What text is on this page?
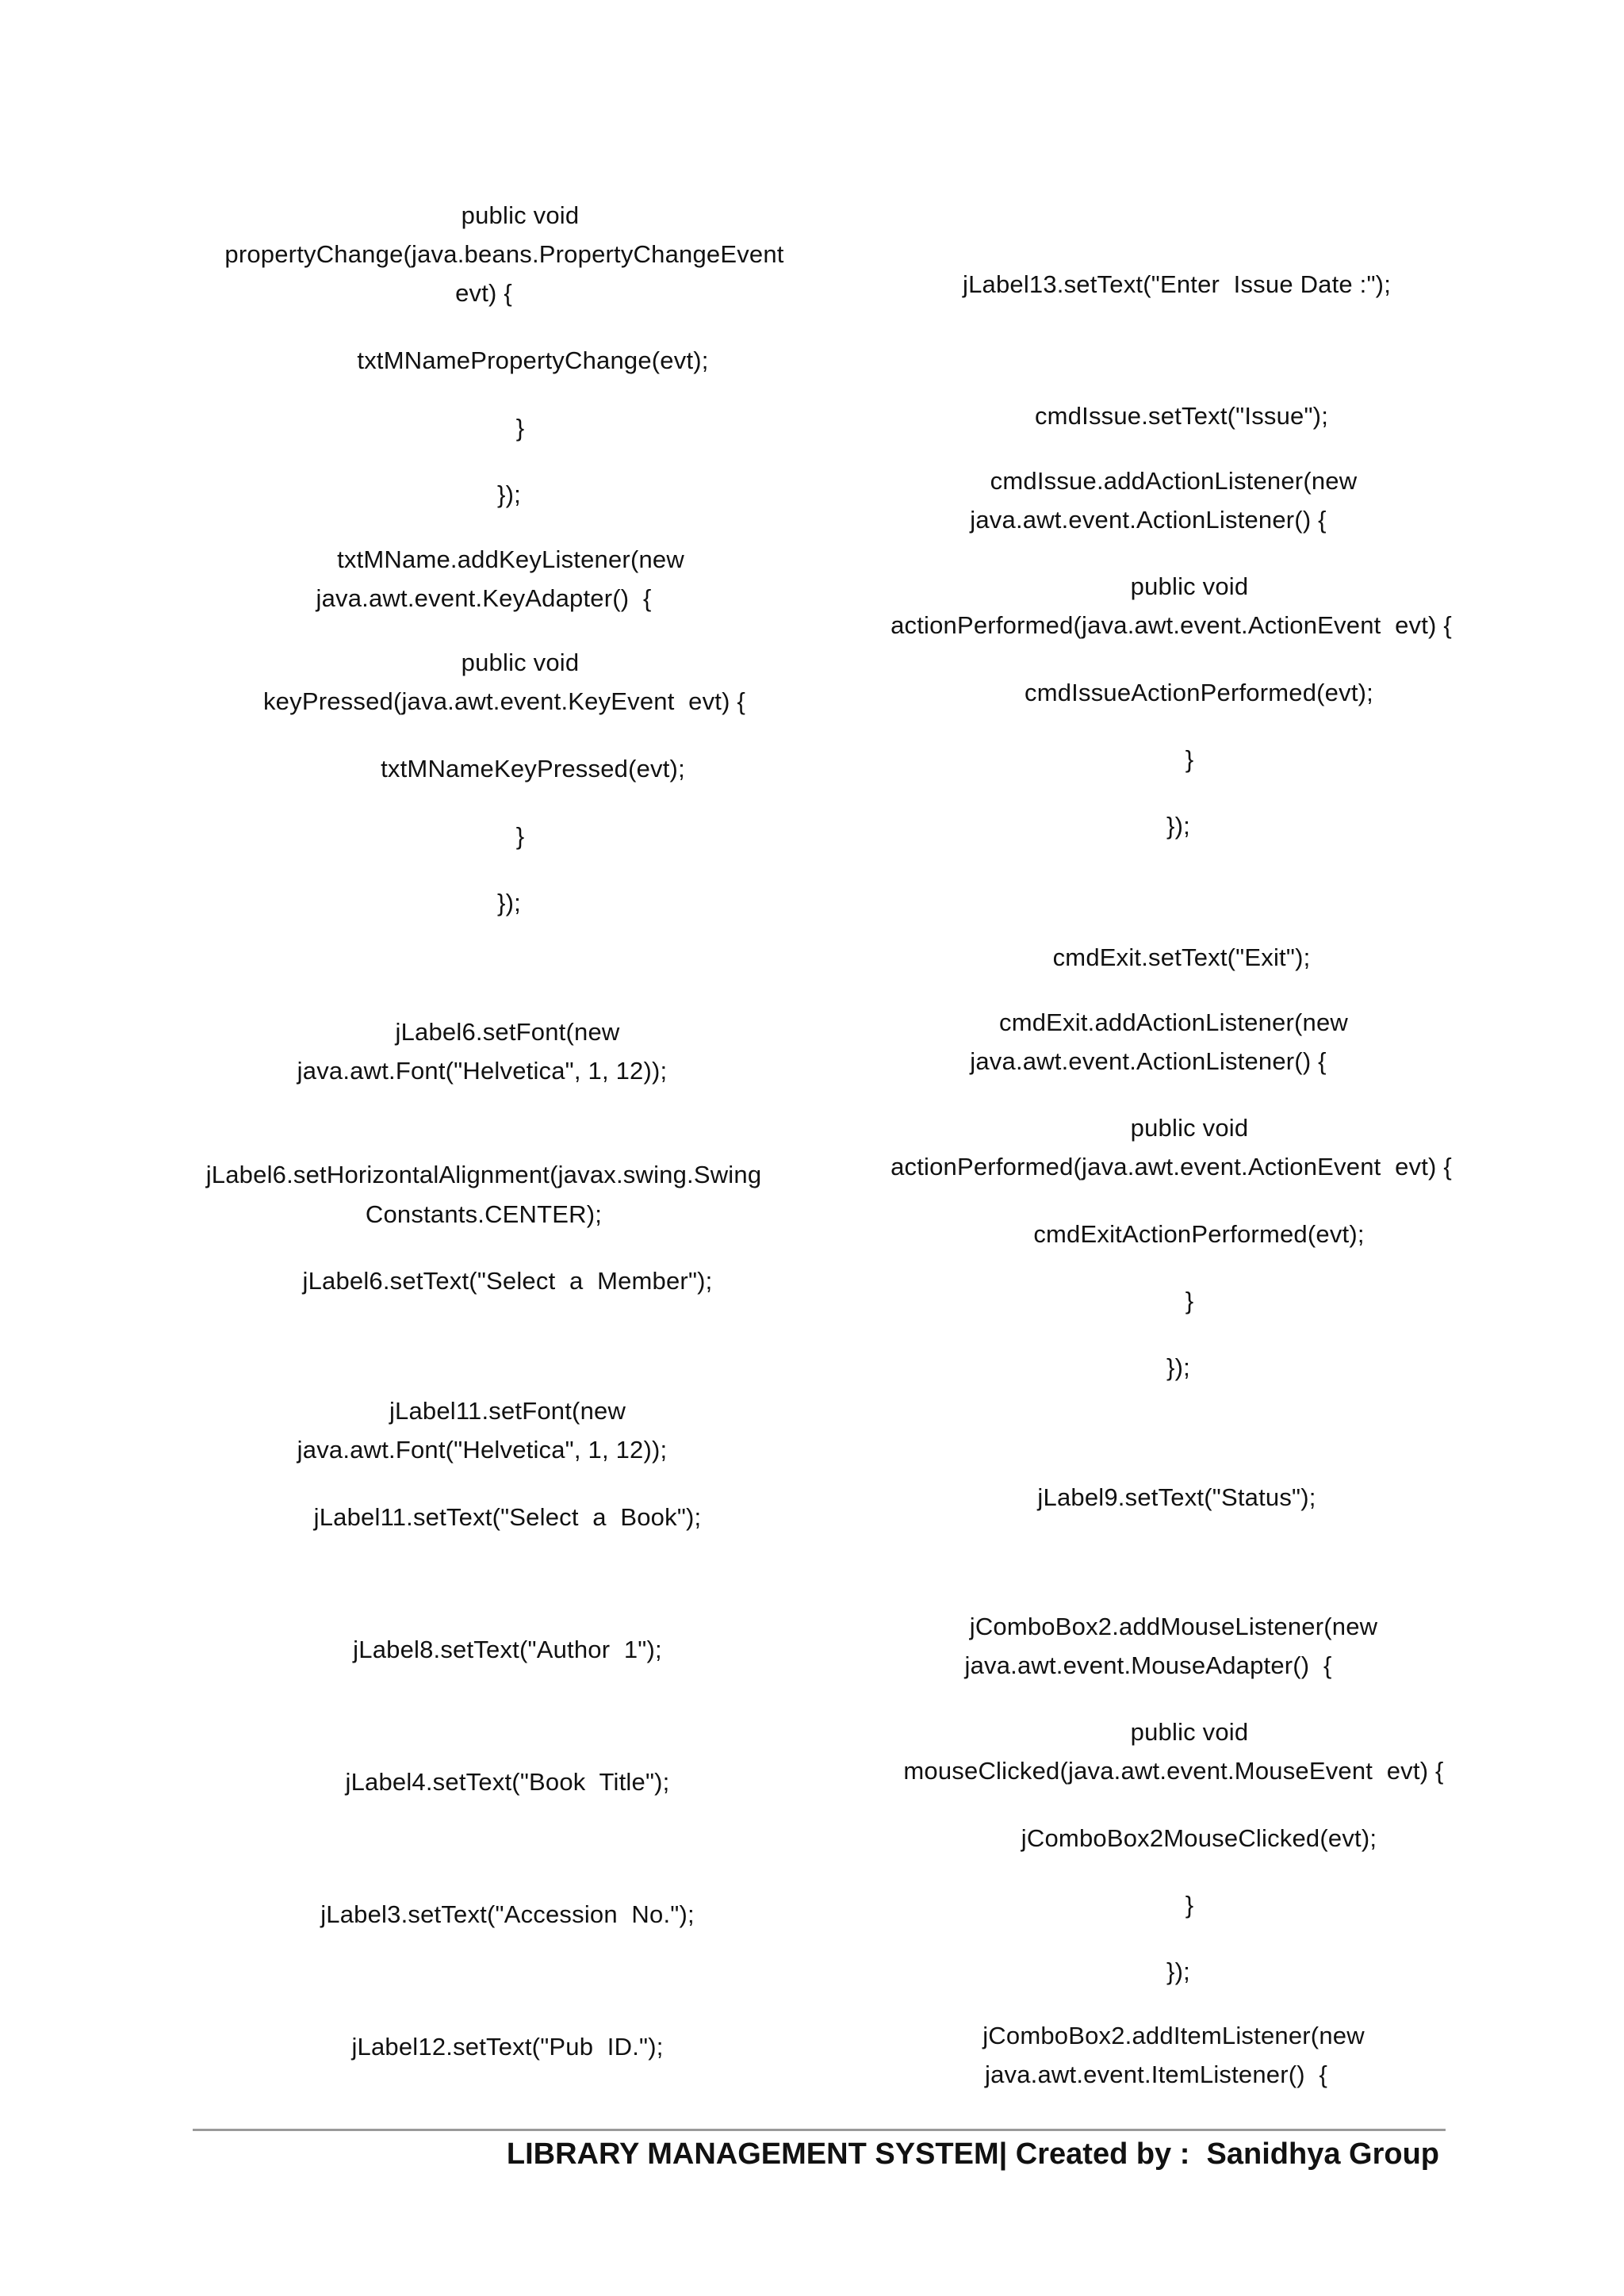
public void
propertyChange(java.beans.PropertyChangeEvent
evt) {
txtMNamePropertyChange(evt);
}
});
txtMName.addKeyListener(new
java.awt.event.KeyAdapter()  {
public void
keyPressed(java.awt.event.KeyEvent  evt) {
txtMNameKeyPressed(evt);
}
});
jLabel6.setFont(new
java.awt.Font("Helvetica", 1, 12));
jLabel6.setHorizontalAlignment(javax.swing.Swing
Constants.CENTER);
jLabel6.setText("Select  a  Member");
jLabel11.setFont(new
java.awt.Font("Helvetica", 1, 12));
jLabel11.setText("Select  a  Book");
jLabel8.setText("Author  1");
jLabel4.setText("Book  Title");
jLabel3.setText("Accession  No.");
jLabel12.setText("Pub  ID.");
jLabel13.setText("Enter  Issue Date :");
cmdIssue.setText("Issue");
cmdIssue.addActionListener(new
java.awt.event.ActionListener() {
public void
actionPerformed(java.awt.event.ActionEvent  evt) {
cmdIssueActionPerformed(evt);
}
});
cmdExit.setText("Exit");
cmdExit.addActionListener(new
java.awt.event.ActionListener() {
public void
actionPerformed(java.awt.event.ActionEvent  evt) {
cmdExitActionPerformed(evt);
}
});
jLabel9.setText("Status");
jComboBox2.addMouseListener(new
java.awt.event.MouseAdapter()  {
public void
mouseClicked(java.awt.event.MouseEvent  evt) {
jComboBox2MouseClicked(evt);
}
});
jComboBox2.addItemListener(new
java.awt.event.ItemListener()  {
LIBRARY MANAGEMENT SYSTEM| Created by :  Sanidhya Group
